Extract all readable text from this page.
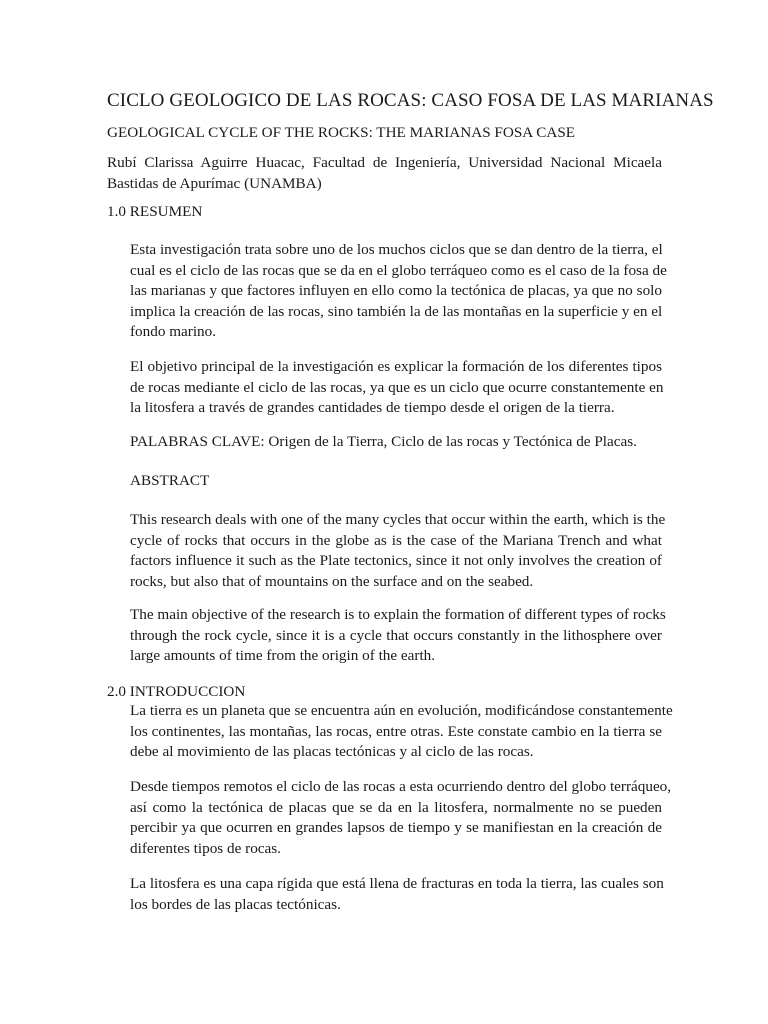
CICLO GEOLOGICO DE LAS ROCAS: CASO FOSA DE LAS MARIANAS
GEOLOGICAL CYCLE OF THE ROCKS: THE MARIANAS FOSA CASE
Rubí Clarissa Aguirre Huacac, Facultad de Ingeniería, Universidad Nacional Micaela
Bastidas de Apurímac (UNAMBA)
1.0 RESUMEN
Esta investigación trata sobre uno de los muchos ciclos que se dan dentro de la tierra, el
cual es el ciclo de las rocas que se da en el globo terráqueo como es el caso de la fosa de
las marianas y que factores influyen en ello como la tectónica de placas, ya que no solo
implica la creación de las rocas, sino también la de las montañas en la superficie y en el
fondo marino.
El objetivo principal de la investigación es explicar la formación de los diferentes tipos
de rocas mediante el ciclo de las rocas, ya que es un ciclo que ocurre constantemente en
la litosfera a través de grandes cantidades de tiempo desde el origen de la tierra.
PALABRAS CLAVE: Origen de la Tierra, Ciclo de las rocas y Tectónica de Placas.
ABSTRACT
This research deals with one of the many cycles that occur within the earth, which is the
cycle of rocks that occurs in the globe as is the case of the Mariana Trench and what
factors influence it such as the Plate tectonics, since it not only involves the creation of
rocks, but also that of mountains on the surface and on the seabed.
The main objective of the research is to explain the formation of different types of rocks
through the rock cycle, since it is a cycle that occurs constantly in the lithosphere over
large amounts of time from the origin of the earth.
2.0 INTRODUCCION
La tierra es un planeta que se encuentra aún en evolución, modificándose constantemente
los continentes, las montañas, las rocas, entre otras. Este constate cambio en la tierra se
debe al movimiento de las placas tectónicas y al ciclo de las rocas.
Desde tiempos remotos el ciclo de las rocas a esta ocurriendo dentro del globo terráqueo,
así como la tectónica de placas que se da en la litosfera, normalmente no se pueden
percibir ya que ocurren en grandes lapsos de tiempo y se manifiestan en la creación de
diferentes tipos de rocas.
La litosfera es una capa rígida que está llena de fracturas en toda la tierra, las cuales son
los bordes de las placas tectónicas.
